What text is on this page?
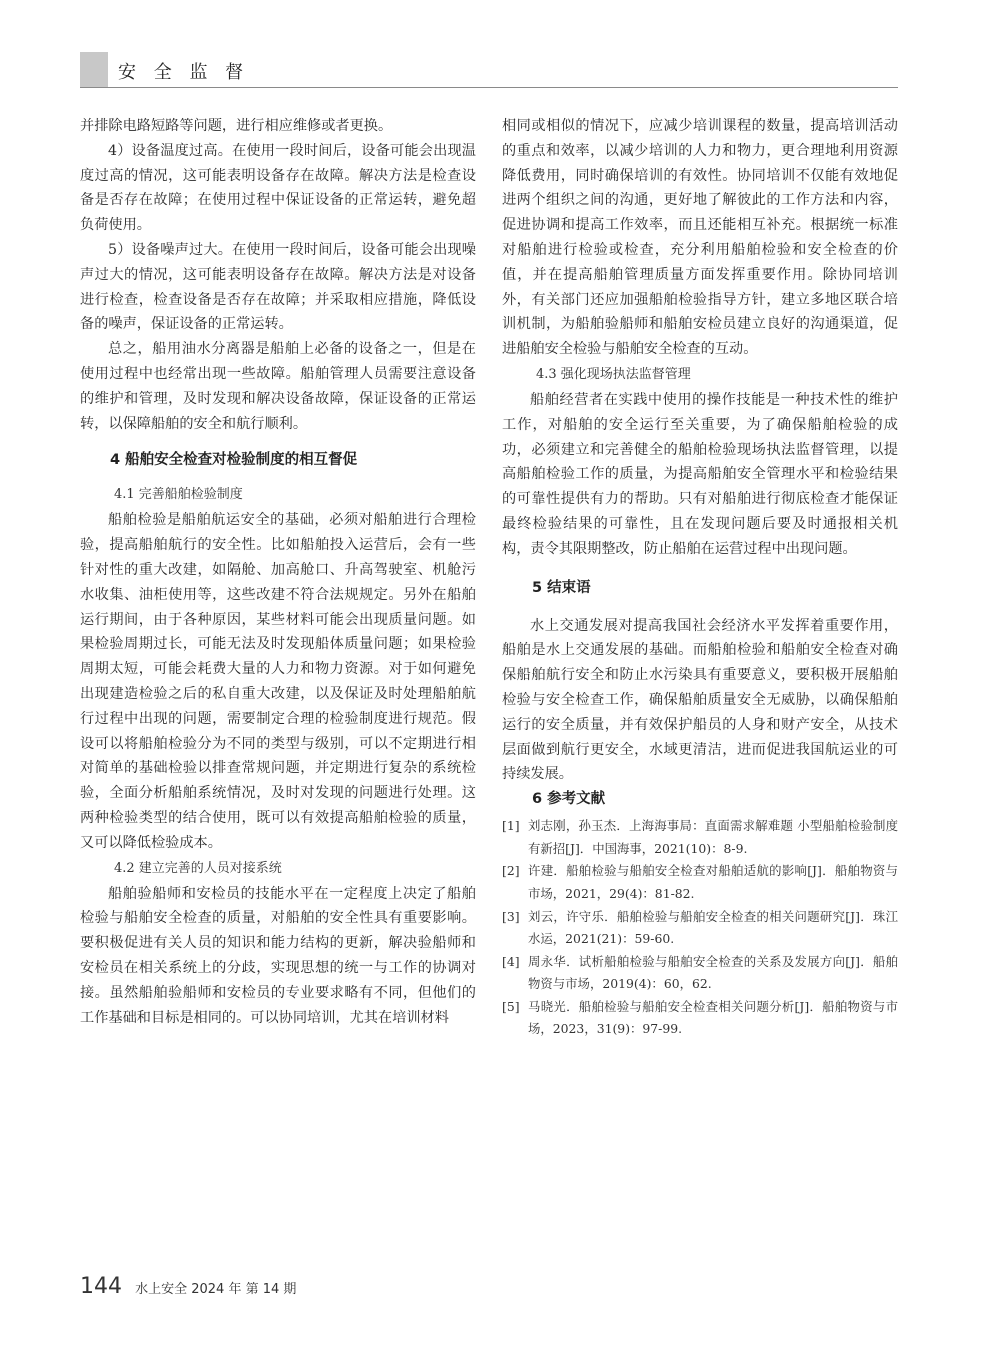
安 全 监 督

并排除电路短路等问题，进行相应维修或者更换。

4）设备温度过高。在使用一段时间后，设备可能会出现温度过高的情况，这可能表明设备存在故障。解决方法是检查设备是否存在故障；在使用过程中保证设备的正常运转，避免超负荷使用。

5）设备噪声过大。在使用一段时间后，设备可能会出现噪声过大的情况，这可能表明设备存在故障。解决方法是对设备进行检查，检查设备是否存在故障；并采取相应措施，降低设备的噪声，保证设备的正常运转。

总之，船用油水分离器是船舶上必备的设备之一，但是在使用过程中也经常出现一些故障。船舶管理人员需要注意设备的维护和管理，及时发现和解决设备故障，保证设备的正常运转，以保障船舶的安全和航行顺利。

4 船舶安全检查对检验制度的相互督促

4.1 完善船舶检验制度

船舶检验是船舶航运安全的基础，必须对船舶进行合理检验，提高船舶航行的安全性。比如船舶投入运营后，会有一些针对性的重大改建，如隔舱、加高舱口、升高驾驶室、机舱污水收集、油柜使用等，这些改建不符合法规规定。另外在船舶运行期间，由于各种原因，某些材料可能会出现质量问题。如果检验周期过长，可能无法及时发现船体质量问题；如果检验周期太短，可能会耗费大量的人力和物力资源。对于如何避免出现建造检验之后的私自重大改建，以及保证及时处理船舶航行过程中出现的问题，需要制定合理的检验制度进行规范。假设可以将船舶检验分为不同的类型与级别，可以不定期进行相对简单的基础检验以排查常规问题，并定期进行复杂的系统检验，全面分析船舶系统情况，及时对发现的问题进行处理。这两种检验类型的结合使用，既可以有效提高船舶检验的质量，又可以降低检验成本。

4.2 建立完善的人员对接系统

船舶验船师和安检员的技能水平在一定程度上决定了船舶检验与船舶安全检查的质量，对船舶的安全性具有重要影响。要积极促进有关人员的知识和能力结构的更新，解决验船师和安检员在相关系统上的分歧，实现思想的统一与工作的协调对接。虽然船舶验船师和安检员的专业要求略有不同，但他们的工作基础和目标是相同的。可以协同培训，尤其在培训材料

相同或相似的情况下，应减少培训课程的数量，提高培训活动的重点和效率，以减少培训的人力和物力，更合理地利用资源降低费用，同时确保培训的有效性。协同培训不仅能有效地促进两个组织之间的沟通，更好地了解彼此的工作方法和内容，促进协调和提高工作效率，而且还能相互补充。根据统一标准对船舶进行检验或检查，充分利用船舶检验和安全检查的价值，并在提高船舶管理质量方面发挥重要作用。除协同培训外，有关部门还应加强船舶检验指导方针，建立多地区联合培训机制，为船舶验船师和船舶安检员建立良好的沟通渠道，促进船舶安全检验与船舶安全检查的互动。

4.3 强化现场执法监督管理

船舶经营者在实践中使用的操作技能是一种技术性的维护工作，对船舶的安全运行至关重要，为了确保船舶检验的成功，必须建立和完善健全的船舶检验现场执法监督管理，以提高船舶检验工作的质量，为提高船舶安全管理水平和检验结果的可靠性提供有力的帮助。只有对船舶进行彻底检查才能保证最终检验结果的可靠性，且在发现问题后要及时通报相关机构，责令其限期整改，防止船舶在运营过程中出现问题。

5 结束语

水上交通发展对提高我国社会经济水平发挥着重要作用，船舶是水上交通发展的基础。而船舶检验和船舶安全检查对确保船舶航行安全和防止水污染具有重要意义，要积极开展船舶检验与安全检查工作，确保船舶质量安全无威胁，以确保船舶运行的安全质量，并有效保护船员的人身和财产安全，从技术层面做到航行更安全，水域更清洁，进而促进我国航运业的可持续发展。

6 参考文献

[1] 刘志刚，孙玉杰．上海海事局：直面需求解难题 小型船舶检验制度有新招[J]．中国海事，2021(10)：8-9.
[2] 许建．船舶检验与船舶安全检查对船舶适航的影响[J]．船舶物资与市场，2021，29(4)：81-82.
[3] 刘云，许守乐．船舶检验与船舶安全检查的相关问题研究[J]．珠江水运，2021(21)：59-60.
[4] 周永华．试析船舶检验与船舶安全检查的关系及发展方向[J]．船舶物资与市场，2019(4)：60，62.
[5] 马晓光．船舶检验与船舶安全检查相关问题分析[J]．船舶物资与市场，2023，31(9)：97-99.
144 水上安全 2024 年 第 14 期
